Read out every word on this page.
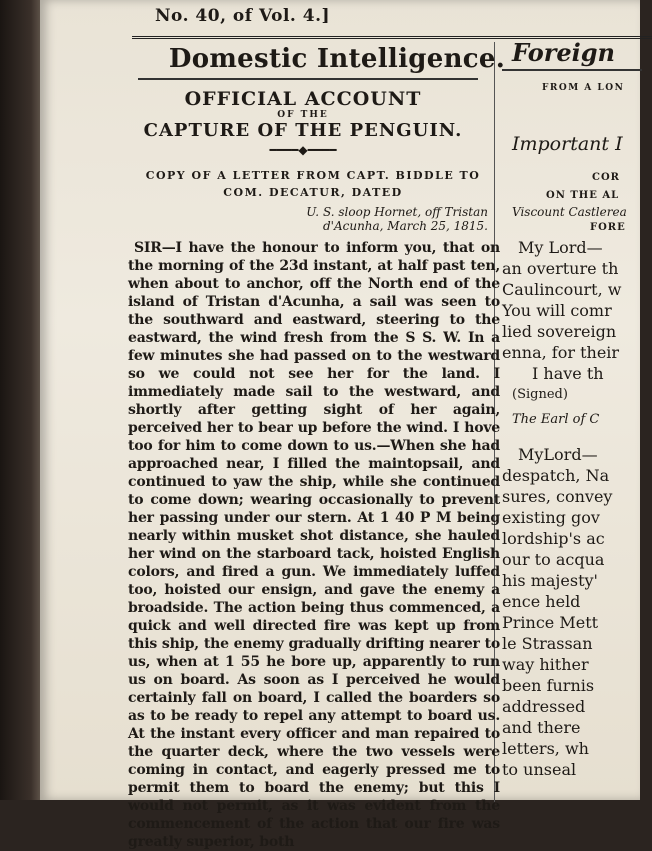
No. 40, of Vol. 4.]
Domestic Intelligence.
OFFICIAL ACCOUNT
OF THE
CAPTURE OF THE PENGUIN.
━━━━◆━━━━
COPY OF A LETTER FROM CAPT. BIDDLE TO
COM. DECATUR, DATED
U. S. sloop Hornet, off Tristan
d'Acunha, March 25, 1815.

SIR—I have the honour to inform you, that on the morning of the 23d instant, at half past ten, when about to anchor, off the North end of the island of Tristan d'Acunha, a sail was seen to the southward and eastward, steering to the eastward, the wind fresh from the S S. W. In a few minutes she had passed on to the westward so we could not see her for the land. I immediately made sail to the westward, and shortly after getting sight of her again, perceived her to bear up before the wind. I hove too for him to come down to us.—When she had approached near, I filled the maintopsail, and continued to yaw the ship, while she continued to come down; wearing occasionally to prevent her passing under our stern. At 1 40 P M being nearly within musket shot distance, she hauled her wind on the starboard tack, hoisted English colors, and fired a gun. We immediately luffed too, hoisted our ensign, and gave the enemy a broadside. The action being thus commenced, a quick and well directed fire was kept up from this ship, the enemy gradually drifting nearer to us, when at 1 55 he bore up, apparently to run us on board. As soon as I perceived he would certainly fall on board, I called the boarders so as to be ready to repel any attempt to board us. At the instant every officer and man repaired to the quarter deck, where the two vessels were coming in contact, and eagerly pressed me to permit them to board the enemy; but this I would not permit, as it was evident from the commencement of the action that our fire was greatly superior, both

Foreign
FROM A LON
Important I
COR
ON THE AL
Viscount Castlerea
FORE
My Lord—
an overture th
Caulincourt, w
You will comr
lied sovereign
enna, for their
I have th
(Signed)
The Earl of C
MyLord—
despatch, Na
sures, convey
existing gov
lordship's ac
our to acqua
his majesty'
ence held
Prince Mett
le Strassan
way hither
been furnis
addressed
and there
letters, wh
to unseal
